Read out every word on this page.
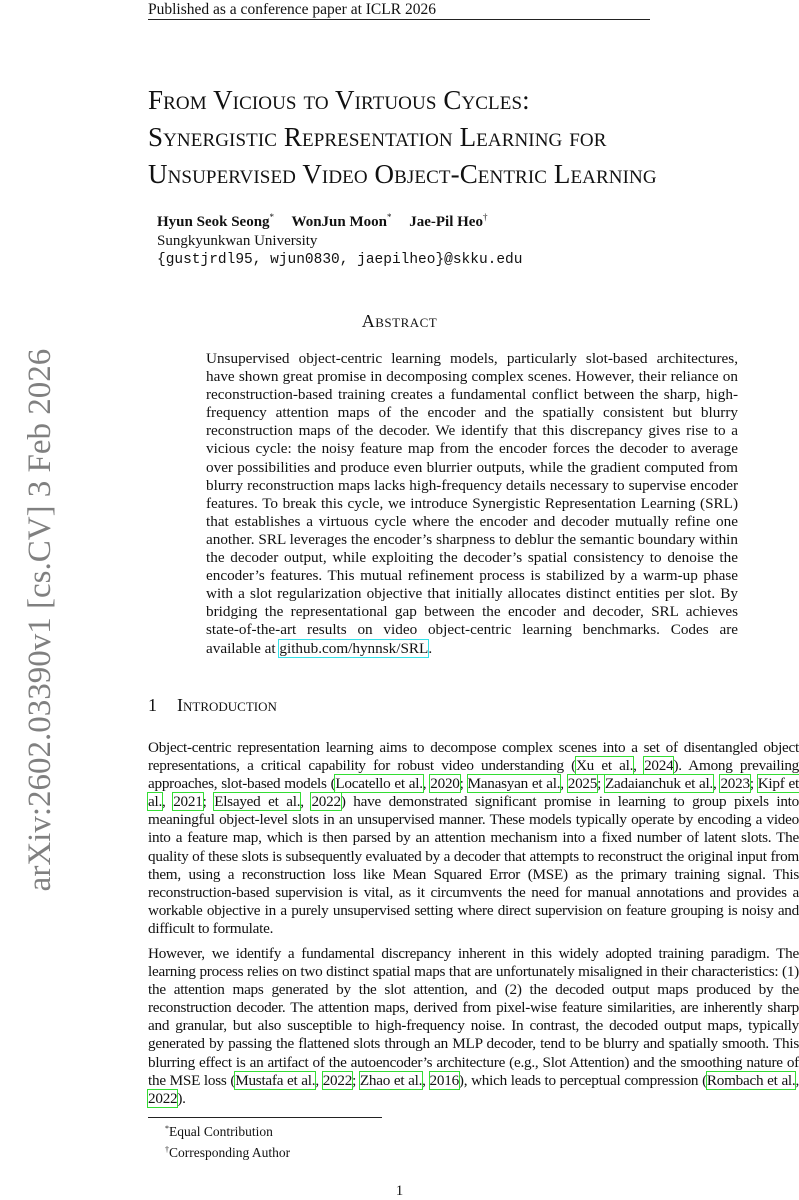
Published as a conference paper at ICLR 2026
From Vicious to Virtuous Cycles:
Synergistic Representation Learning for
Unsupervised Video Object-Centric Learning
Hyun Seok Seong* WonJun Moon* Jae-Pil Heo†
Sungkyunkwan University
{gustjrdl95, wjun0830, jaepilheo}@skku.edu
arXiv:2602.03390v1 [cs.CV] 3 Feb 2026
Abstract
Unsupervised object-centric learning models, particularly slot-based architectures, have shown great promise in decomposing complex scenes. However, their reliance on reconstruction-based training creates a fundamental conflict between the sharp, high-frequency attention maps of the encoder and the spatially consistent but blurry reconstruction maps of the decoder. We identify that this discrepancy gives rise to a vicious cycle: the noisy feature map from the encoder forces the decoder to average over possibilities and produce even blurrier outputs, while the gradient computed from blurry reconstruction maps lacks high-frequency details necessary to supervise encoder features. To break this cycle, we introduce Synergistic Representation Learning (SRL) that establishes a virtuous cycle where the encoder and decoder mutually refine one another. SRL leverages the encoder’s sharpness to deblur the semantic boundary within the decoder output, while exploiting the decoder’s spatial consistency to denoise the encoder’s features. This mutual refinement process is stabilized by a warm-up phase with a slot regularization objective that initially allocates distinct entities per slot. By bridging the representational gap between the encoder and decoder, SRL achieves state-of-the-art results on video object-centric learning benchmarks. Codes are available at github.com/hynnsk/SRL.
1 Introduction
Object-centric representation learning aims to decompose complex scenes into a set of disentangled object representations, a critical capability for robust video understanding (Xu et al., 2024). Among prevailing approaches, slot-based models (Locatello et al., 2020; Manasyan et al., 2025; Zadaianchuk et al., 2023; Kipf et al., 2021; Elsayed et al., 2022) have demonstrated significant promise in learning to group pixels into meaningful object-level slots in an unsupervised manner. These models typically operate by encoding a video into a feature map, which is then parsed by an attention mechanism into a fixed number of latent slots. The quality of these slots is subsequently evaluated by a decoder that attempts to reconstruct the original input from them, using a reconstruction loss like Mean Squared Error (MSE) as the primary training signal. This reconstruction-based supervision is vital, as it circumvents the need for manual annotations and provides a workable objective in a purely unsupervised setting where direct supervision on feature grouping is noisy and difficult to formulate.
However, we identify a fundamental discrepancy inherent in this widely adopted training paradigm. The learning process relies on two distinct spatial maps that are unfortunately misaligned in their characteristics: (1) the attention maps generated by the slot attention, and (2) the decoded output maps produced by the reconstruction decoder. The attention maps, derived from pixel-wise feature similarities, are inherently sharp and granular, but also susceptible to high-frequency noise. In contrast, the decoded output maps, typically generated by passing the flattened slots through an MLP decoder, tend to be blurry and spatially smooth. This blurring effect is an artifact of the autoencoder’s architecture (e.g., Slot Attention) and the smoothing nature of the MSE loss (Mustafa et al., 2022; Zhao et al., 2016), which leads to perceptual compression (Rombach et al., 2022).
*Equal Contribution
†Corresponding Author
1
